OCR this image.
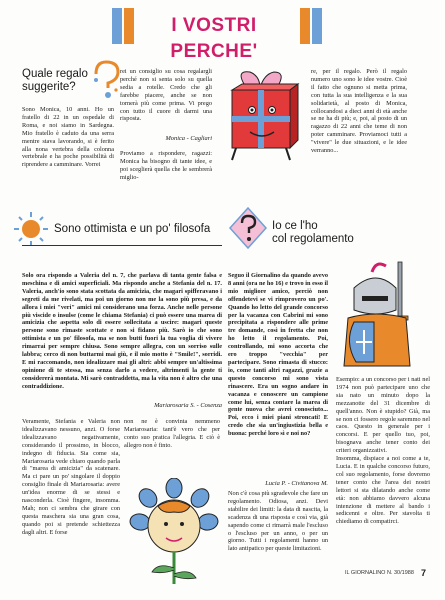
I VOSTRI PERCHE'
Quale regalo
suggerite?

Sono Monica, 10 anni. Ho un fratello di 22 in un ospedale di Roma, e noi siamo in Sardegna. Mio fratello è caduto da una serra mentre stava lavorando, si è ferito alla nona vertebra della colonna vertebrale e ha poche possibilità di riprendere a camminare. Vorrei

rei un consiglio su cosa regalargli perché non si senta solo su quella sedia a rotelle. Credo che gli farebbe piacere, anche se non tornerà più come prima. Vi prego con tutto il cuore di darmi una risposta.

Monica - Cagliari

Proviamo a rispondere, ragazzi: Monica ha bisogno di tante idee, e poi sceglierà quella che le sembrerà miglio-

re, per il regalo. Però il regalo numero uno sono le idee vostre. Cioè il fatto che ognuno si metta prima, con tutta la sua intelligenza e la sua solidarietà, al posto di Monica, collocandosi a dieci anni di età anche se ne ha di più; e, poi, al posto di un ragazzo di 22 anni che teme di non poter camminare. Proviamoci tutti a "vivere" le due situazioni, e le idee verranno...

Sono ottimista e un po' filosofa

Solo ora rispondo a Valeria del n. 7, che parlava di tanta gente falsa e meschina e di amici superficiali. Ma rispondo anche a Stefania del n. 17. Valeria, anch'io sono stata scottata da amicizia, che magari spifferavano i segreti da me rivelati, ma poi un giorno non me la sono più presa, e da allora i miei "veri" amici mi considerano una forza. Anche nelle persone più viscide o insulse (come le chiama Stefania) ci può essere una marea di amicizia che aspetta solo di essere sollecitata a uscire: magari queste persone sono rimaste scottate e non si fidano più. Sarò io che sono ottimista e un po' filosofa, ma se non butti fuori la tua voglia di vivere rimarrai per sempre chiusa. Sono sempre allegra, con un sorriso sulle labbra; cerco di non buttarmi mai giù, e il mio motto è "Smile!", sorridi. E mi raccomando, non idealizzare mai gli altri: abbi sempre un'altissima opinione di te stessa, ma senza darlo a vedere, altrimenti la gente ti considererà montata. Mi sarò contraddetta, ma la vita non è altro che una contraddizione.

Mariarosaria S. - Cosenza

Veramente, Stefania e Valeria non idealizzavano nessuno, anzi. O forse idealizzavano negativamente, considerando il prossimo, in blocco, indegno di fiducia. Sia come sia, Mariarosaria vede chiaro quando parla di "marea di amicizia" da scatenare. Ma ci pare un po' singolare il doppio consiglio finale di Mariarosaria: avere un'idea enorme di se stessi e nasconderla. Cioè fingere, insomma. Mah; non ci sembra che girare con questa maschera sia una gran cosa, quando poi si pretende schiettezza dagli altri. E forse

non ne è convinta nemmeno Mariarosaria: tant'è vero che per conto suo pratica l'allegria. E ciò è allegro non è finto.

Io ce l'ho
col regolamento

Seguo il Giornalino da quando avevo 8 anni (ora ne ho 16) e trovo in esso il mio migliore amico, perciò non offendetevi se vi rimprovero un po'. Quando ho letto del grande concorso per la vacanza con Cabrini mi sono precipitata a rispondere alle prime tre domande, così in fretta che non ho letto il regolamento. Poi, controllando, mi sono accorta che ero troppo "vecchia" per partecipare. Sono rimasta di stucco: io, come tanti altri ragazzi, grazie a questo concorso mi sono vista rinascere. Era un sogno andare in vacanza e conoscere un campione come lui, senza contare la marea di gente nuova che avrei conosciuto... Poi, ecco i miei piani stroncati! E credo che sia un'ingiustizia bella e buona: perché loro sì e noi no?

Lucia P. - Civitanova M.

Non c'è cosa più sgradevole che fare un regolamento. Odiosa, anzi. Devi stabilire dei limiti: la data di nascita, la scadenza di una risposta e così via, già sapendo come ci rimarrà male l'escluso o l'escluso per un anno, o per un giorno. Tutti i regolamenti hanno un lato antipatico per queste limitazioni.

Esempio: a un concorso per i nati nel 1974 non può partecipare uno che sia nato un minuto dopo la mezzanotte del 31 dicembre di quell'anno. Non è stupido? Già, ma se non ci fossero regole saremmo nel caos. Questo in generale per i concorsi. E per quello tuo, poi, bisognava anche tener conto dei criteri organizzativi.
Insomma, dispiace a noi come a te, Lucia. E in qualche concorso futuro, col suo regolamento, forse dovremo tener conto che l'area dei nostri lettori si sta dilatando anche come età: non abbiamo davvero alcuna intenzione di mettere al bando i sedicenni e oltre. Per stavolta ti chiediamo di compatirci.

IL GIORNALINO N. 30/1988 7
